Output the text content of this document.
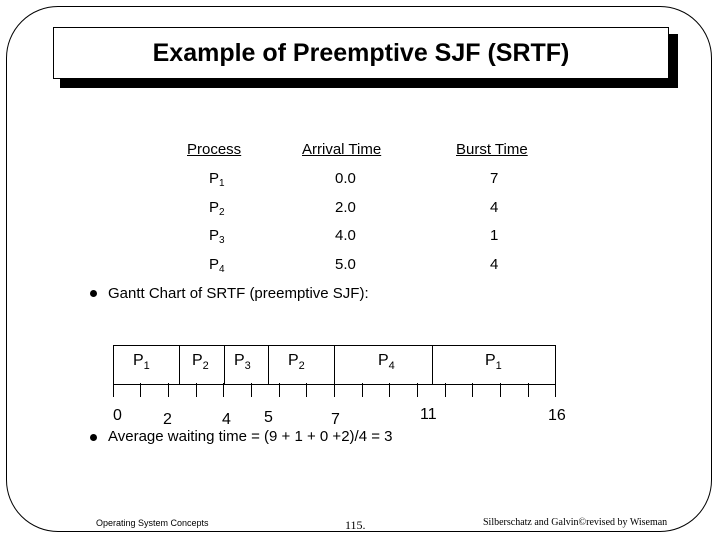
Example of Preemptive SJF (SRTF)
Process	Arrival Time	Burst Time
$P_1$	0.0	7
$P_2$	2.0	4
$P_3$	4.0	1
$P_4$	5.0	4
Gantt Chart of SRTF (preemptive SJF):
$P_1$	$P_2$ $P_3$ $P_2$	$P_4$	$P_1$
0	2	4 5	7	11	16
Average waiting time = (9 + 1 + 0 +2)/4 = 3
Operating System Concepts	115.	Silberschatz and Galvin©revised by Wiseman
